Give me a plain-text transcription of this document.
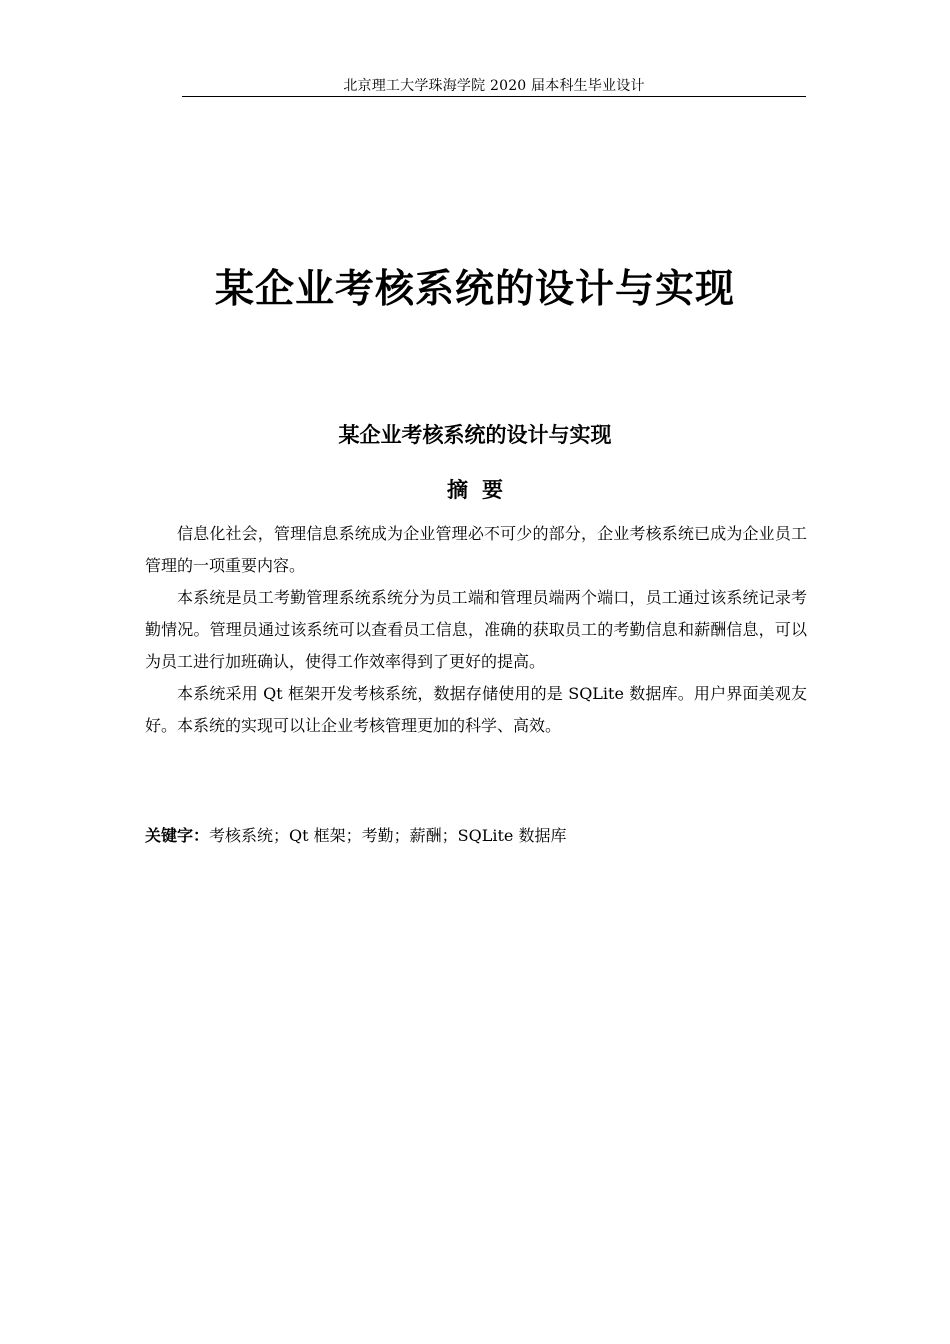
北京理工大学珠海学院 2020 届本科生毕业设计
某企业考核系统的设计与实现
某企业考核系统的设计与实现
摘要

信息化社会，管理信息系统成为企业管理必不可少的部分，企业考核系统已成为企业员工管理的一项重要内容。

本系统是员工考勤管理系统系统分为员工端和管理员端两个端口，员工通过该系统记录考勤情况。管理员通过该系统可以查看员工信息，准确的获取员工的考勤信息和薪酬信息，可以为员工进行加班确认，使得工作效率得到了更好的提高。

本系统采用 Qt 框架开发考核系统，数据存储使用的是 SQLite 数据库。用户界面美观友好。本系统的实现可以让企业考核管理更加的科学、高效。

关键字：考核系统；Qt 框架；考勤；薪酬；SQLite 数据库
